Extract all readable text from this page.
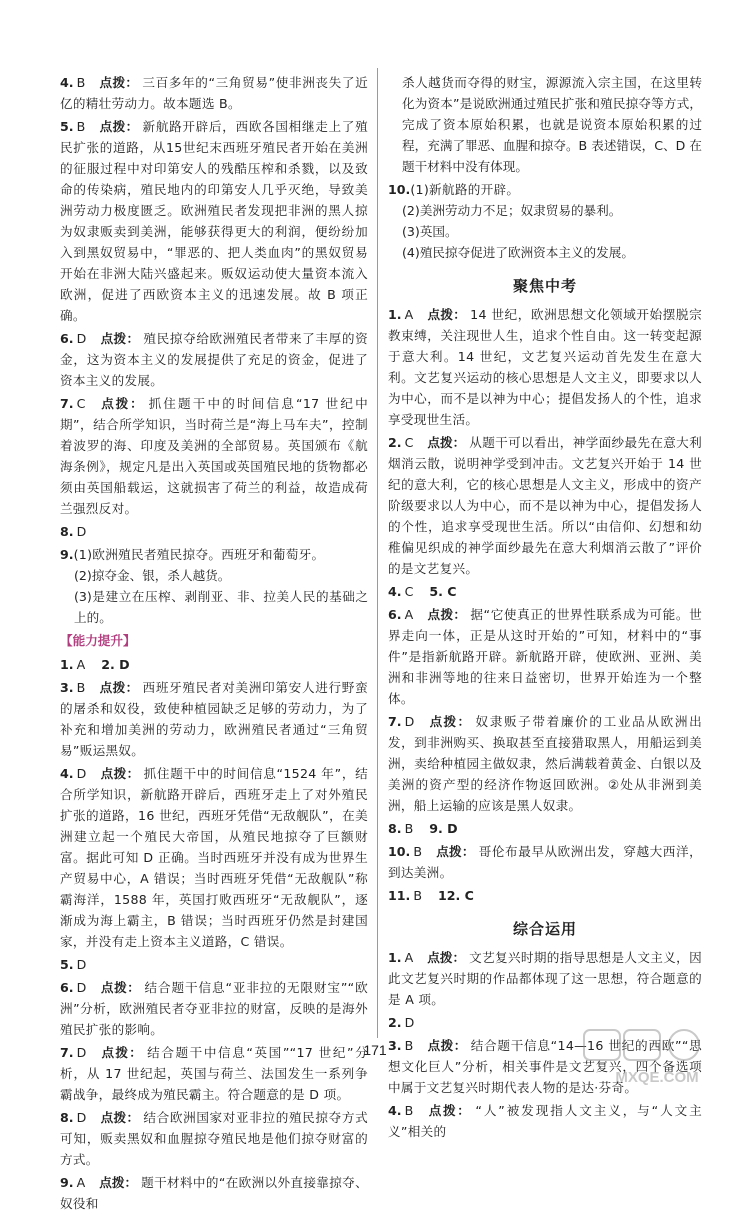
4. B 点拨： 三百多年的“三角贸易”使非洲丧失了近亿的精壮劳动力。故本题选 B。
5. B 点拨： 新航路开辟后，西欧各国相继走上了殖民扩张的道路，从15世纪末西班牙殖民者开始在美洲的征服过程中对印第安人的残酷压榨和杀戮，以及致命的传染病，殖民地内的印第安人几乎灭绝，导致美洲劳动力极度匮乏。欧洲殖民者发现把非洲的黑人掠为奴隶贩卖到美洲，能够获得更大的利润，便纷纷加入到黑奴贸易中，“罪恶的、把人类血肉”的黑奴贸易开始在非洲大陆兴盛起来。贩奴运动使大量资本流入欧洲，促进了西欧资本主义的迅速发展。故 B 项正确。
6. D 点拨： 殖民掠夺给欧洲殖民者带来了丰厚的资金，这为资本主义的发展提供了充足的资金，促进了资本主义的发展。
7. C 点拨： 抓住题干中的时间信息“17 世纪中期”，结合所学知识，当时荷兰是“海上马车夫”，控制着波罗的海、印度及美洲的全部贸易。英国颁布《航海条例》，规定凡是出入英国或英国殖民地的货物都必须由英国船载运，这就损害了荷兰的利益，故造成荷兰强烈反对。
8. D
9.(1)欧洲殖民者殖民掠夺。西班牙和葡萄牙。
(2)掠夺金、银，杀人越货。
(3)是建立在压榨、剥削亚、非、拉美人民的基础之上的。
【能力提升】
1. A 2. D
3. B 点拨： 西班牙殖民者对美洲印第安人进行野蛮的屠杀和奴役，致使种植园缺乏足够的劳动力，为了补充和增加美洲的劳动力，欧洲殖民者通过“三角贸易”贩运黑奴。
4. D 点拨： 抓住题干中的时间信息“1524 年”，结合所学知识，新航路开辟后，西班牙走上了对外殖民扩张的道路，16 世纪，西班牙凭借“无敌舰队”，在美洲建立起一个殖民大帝国，从殖民地掠夺了巨额财富。据此可知 D 正确。当时西班牙并没有成为世界生产贸易中心，A 错误；当时西班牙凭借“无敌舰队”称霸海洋，1588 年，英国打败西班牙“无敌舰队”，逐渐成为海上霸主，B 错误；当时西班牙仍然是封建国家，并没有走上资本主义道路，C 错误。
5. D
6. D 点拨： 结合题干信息“亚非拉的无限财宝”“欧洲”分析，欧洲殖民者夺亚非拉的财富，反映的是海外殖民扩张的影响。
7. D 点拨： 结合题干中信息“英国”“17 世纪”分析，从 17 世纪起，英国与荷兰、法国发生一系列争霸战争，最终成为殖民霸主。符合题意的是 D 项。
8. D 点拨： 结合欧洲国家对亚非拉的殖民掠夺方式可知，贩卖黑奴和血腥掠夺殖民地是他们掠夺财富的方式。
9. A 点拨： 题干材料中的“在欧洲以外直接靠掠夺、奴役和
杀人越货而夺得的财宝，源源流入宗主国，在这里转化为资本”是说欧洲通过殖民扩张和殖民掠夺等方式，完成了资本原始积累，也就是说资本原始积累的过程，充满了罪恶、血腥和掠夺。B 表述错误，C、D 在题干材料中没有体现。
10.(1)新航路的开辟。
(2)美洲劳动力不足；奴隶贸易的暴利。
(3)英国。
(4)殖民掠夺促进了欧洲资本主义的发展。
聚焦中考
1. A 点拨： 14 世纪，欧洲思想文化领域开始摆脱宗教束缚，关注现世人生，追求个性自由。这一转变起源于意大利。14 世纪，文艺复兴运动首先发生在意大利。文艺复兴运动的核心思想是人文主义，即要求以人为中心，而不是以神为中心；提倡发扬人的个性，追求享受现世生活。
2. C 点拨： 从题干可以看出，神学面纱最先在意大利烟消云散，说明神学受到冲击。文艺复兴开始于 14 世纪的意大利，它的核心思想是人文主义，形成中的资产阶级要求以人为中心，而不是以神为中心，提倡发扬人的个性，追求享受现世生活。所以“由信仰、幻想和幼稚偏见织成的神学面纱最先在意大利烟消云散了”评价的是文艺复兴。
4. C 5. C
6. A 点拨： 据“它使真正的世界性联系成为可能。世界走向一体，正是从这时开始的”可知，材料中的“事件”是指新航路开辟。新航路开辟，使欧洲、亚洲、美洲和非洲等地的往来日益密切，世界开始连为一个整体。
7. D 点拨： 奴隶贩子带着廉价的工业品从欧洲出发，到非洲购买、换取甚至直接猎取黑人，用船运到美洲，卖给种植园主做奴隶，然后满载着黄金、白银以及美洲的资产型的经济作物返回欧洲。②处从非洲到美洲，船上运输的应该是黑人奴隶。
8. B 9. D
10. B 点拨： 哥伦布最早从欧洲出发，穿越大西洋，到达美洲。
11. B 12. C
综合运用
1. A 点拨： 文艺复兴时期的指导思想是人文主义，因此文艺复兴时期的作品都体现了这一思想，符合题意的是 A 项。
2. D
3. B 点拨： 结合题干信息“14—16 世纪的西欧”“思想文化巨人”分析，相关事件是文艺复兴，四个备选项中属于文艺复兴时期代表人物的是达·芬奇。
4. B 点拨： “人”被发现指人文主义，与“人文主义”相关的
171
MXQE.COM
